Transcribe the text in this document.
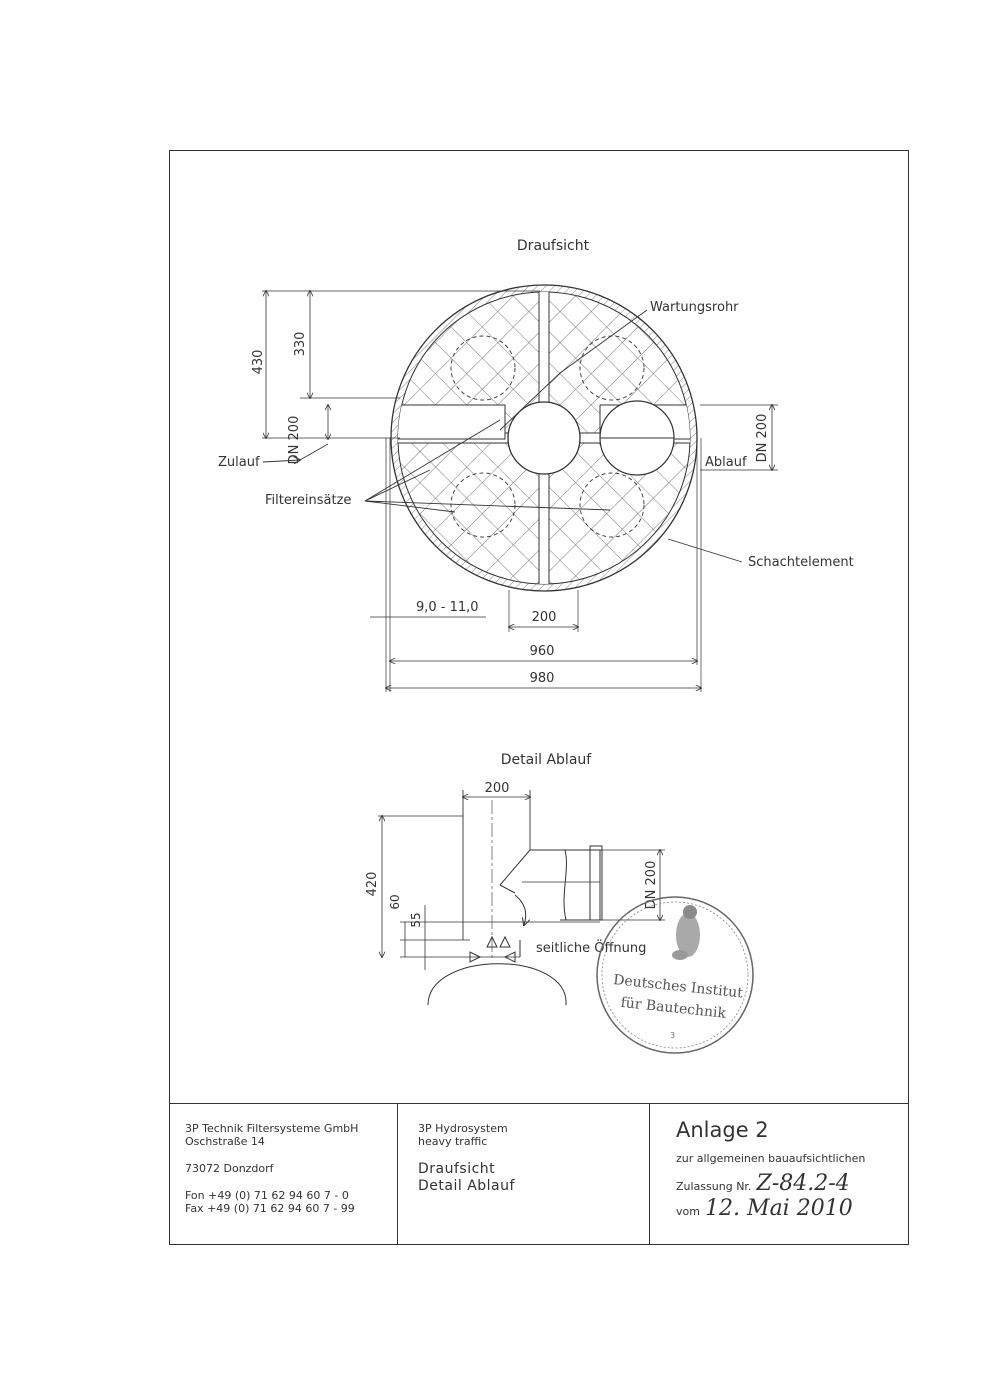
Draufsicht
Wartungsrohr
Zulauf	Ablauf
Filtereinsätze
Schachtelement
430
330
DN 200	DN 200
9,0 - 11,0
200
960
980
Detail Ablauf
200
420
60
55
seitliche Öffnung
DN 200
Deutsches Institut
für Bautechnik
3
3P Technik Filtersysteme GmbH
Oschstraße 14
73072 Donzdorf
Fon +49 (0) 71 62 94 60 7 - 0
Fax +49 (0) 71 62 94 60 7 - 99
3P Hydrosystem
heavy traffic
Draufsicht
Detail Ablauf
Anlage 2
zur allgemeinen bauaufsichtlichen
Zulassung Nr. Z-84.2-4
vom 12. Mai 2010
